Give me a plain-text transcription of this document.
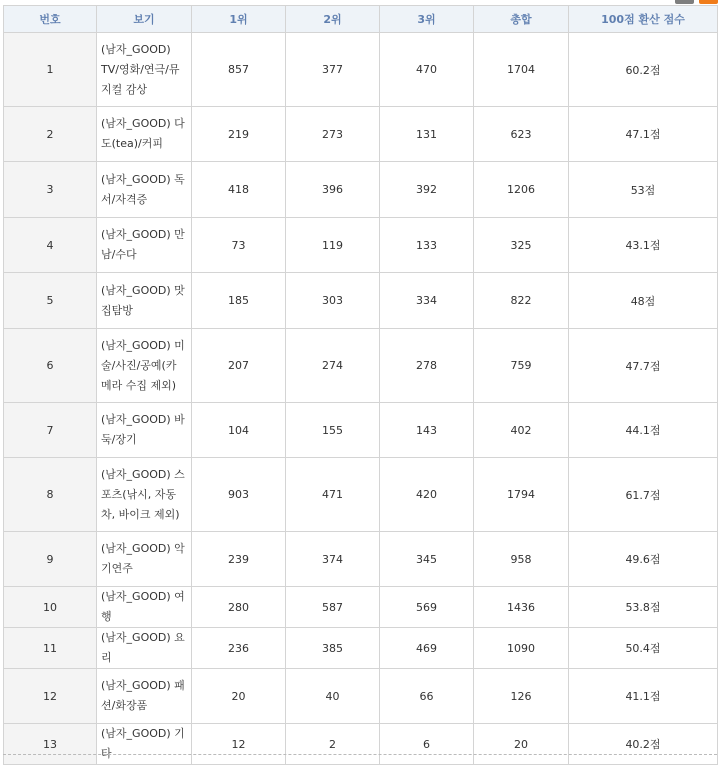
번호	보기	1위	2위	3위	총합	100점 환산 점수
1	(남자_GOOD) TV/영화/연극/뮤지컬 감상	857	377	470	1704	60.2점
2	(남자_GOOD) 다도(tea)/커피	219	273	131	623	47.1점
3	(남자_GOOD) 독서/자격증	418	396	392	1206	53점
4	(남자_GOOD) 만남/수다	73	119	133	325	43.1점
5	(남자_GOOD) 맛집탐방	185	303	334	822	48점
6	(남자_GOOD) 미술/사진/공예(카메라 수집 제외)	207	274	278	759	47.7점
7	(남자_GOOD) 바둑/장기	104	155	143	402	44.1점
8	(남자_GOOD) 스포츠(낚시, 자동차, 바이크 제외)	903	471	420	1794	61.7점
9	(남자_GOOD) 악기연주	239	374	345	958	49.6점
10	(남자_GOOD) 여행	280	587	569	1436	53.8점
11	(남자_GOOD) 요리	236	385	469	1090	50.4점
12	(남자_GOOD) 패션/화장품	20	40	66	126	41.1점
13	(남자_GOOD) 기타	12	2	6	20	40.2점
